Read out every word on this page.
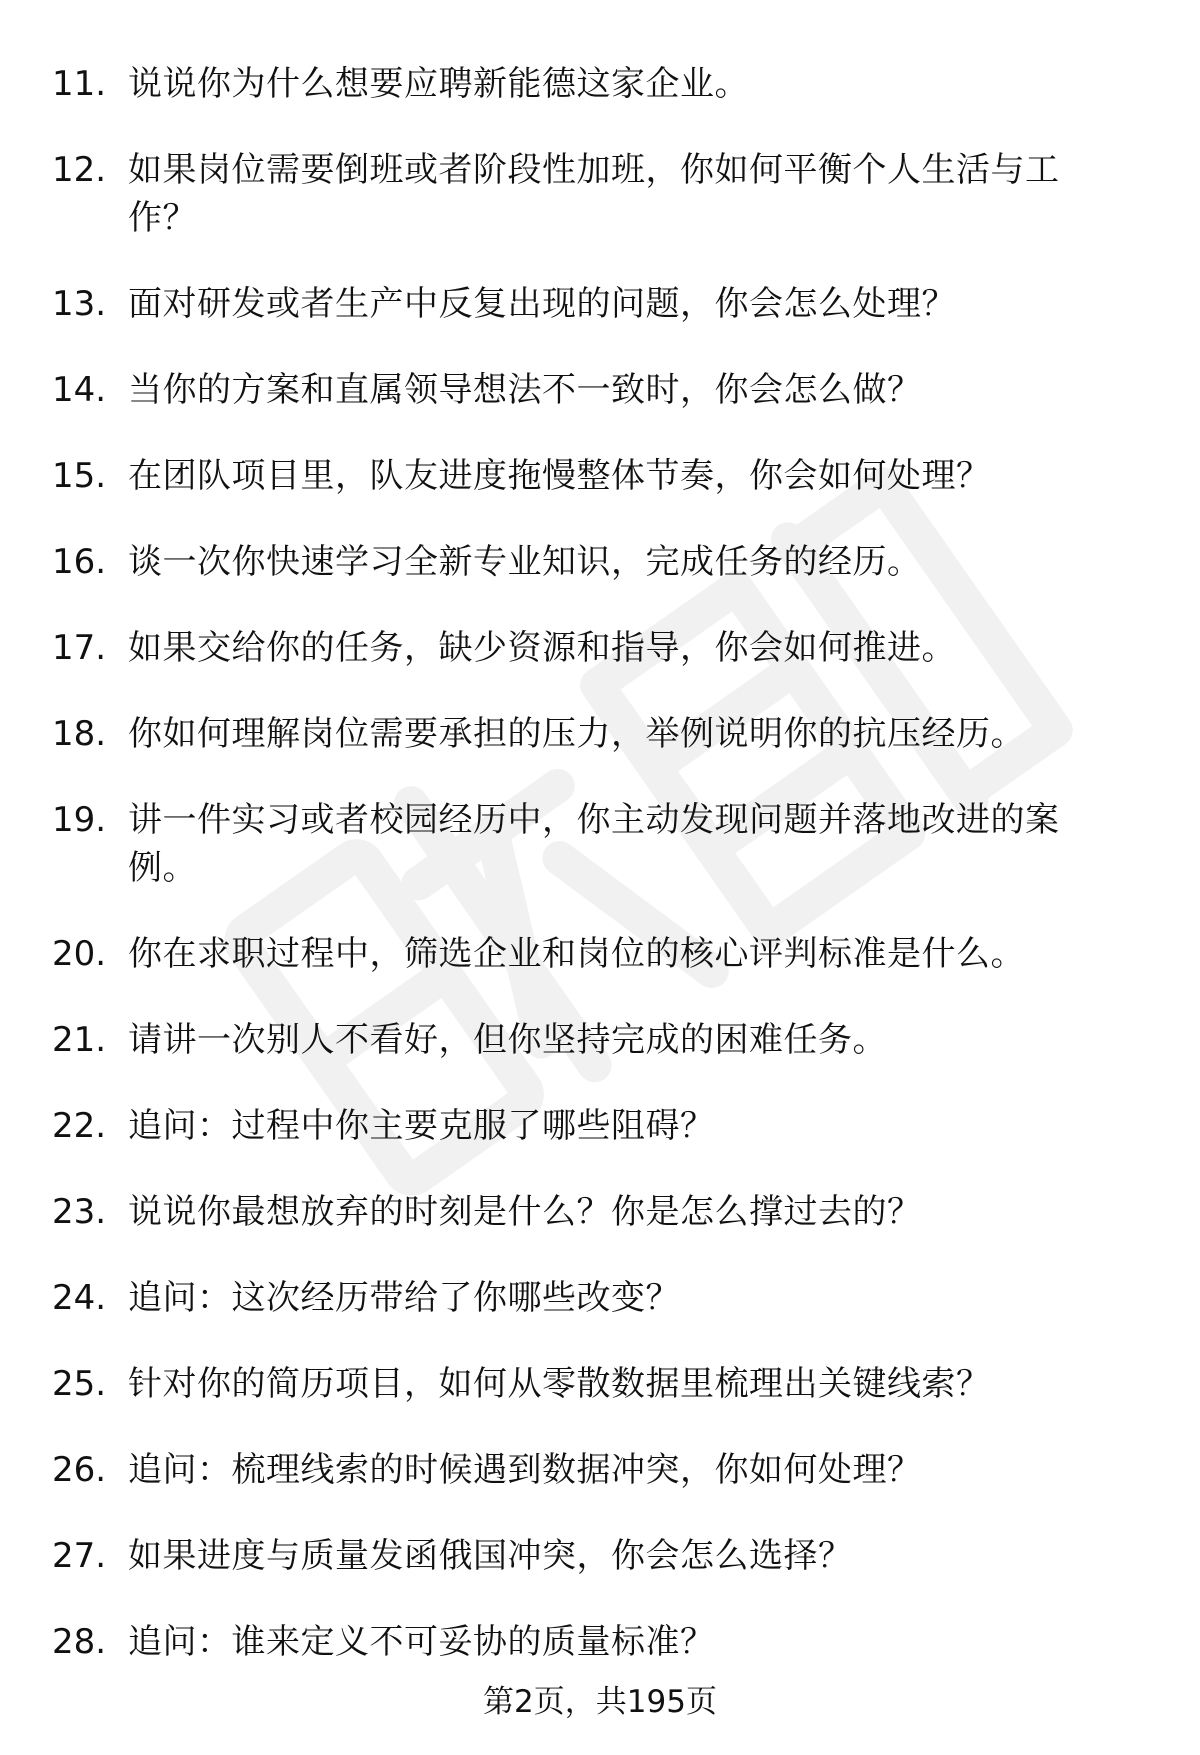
11. 说说你为什么想要应聘新能德这家企业。
12. 如果岗位需要倒班或者阶段性加班，你如何平衡个人生活与工作？
13. 面对研发或者生产中反复出现的问题，你会怎么处理？
14. 当你的方案和直属领导想法不一致时，你会怎么做？
15. 在团队项目里，队友进度拖慢整体节奏，你会如何处理？
16. 谈一次你快速学习全新专业知识，完成任务的经历。
17. 如果交给你的任务，缺少资源和指导，你会如何推进。
18. 你如何理解岗位需要承担的压力，举例说明你的抗压经历。
19. 讲一件实习或者校园经历中，你主动发现问题并落地改进的案例。
20. 你在求职过程中，筛选企业和岗位的核心评判标准是什么。
21. 请讲一次别人不看好，但你坚持完成的困难任务。
22. 追问：过程中你主要克服了哪些阻碍？
23. 说说你最想放弃的时刻是什么？你是怎么撑过去的？
24. 追问：这次经历带给了你哪些改变？
25. 针对你的简历项目，如何从零散数据里梳理出关键线索？
26. 追问：梳理线索的时候遇到数据冲突，你如何处理？
27. 如果进度与质量发函俄国冲突，你会怎么选择？
28. 追问：谁来定义不可妥协的质量标准？
第2页，共195页
